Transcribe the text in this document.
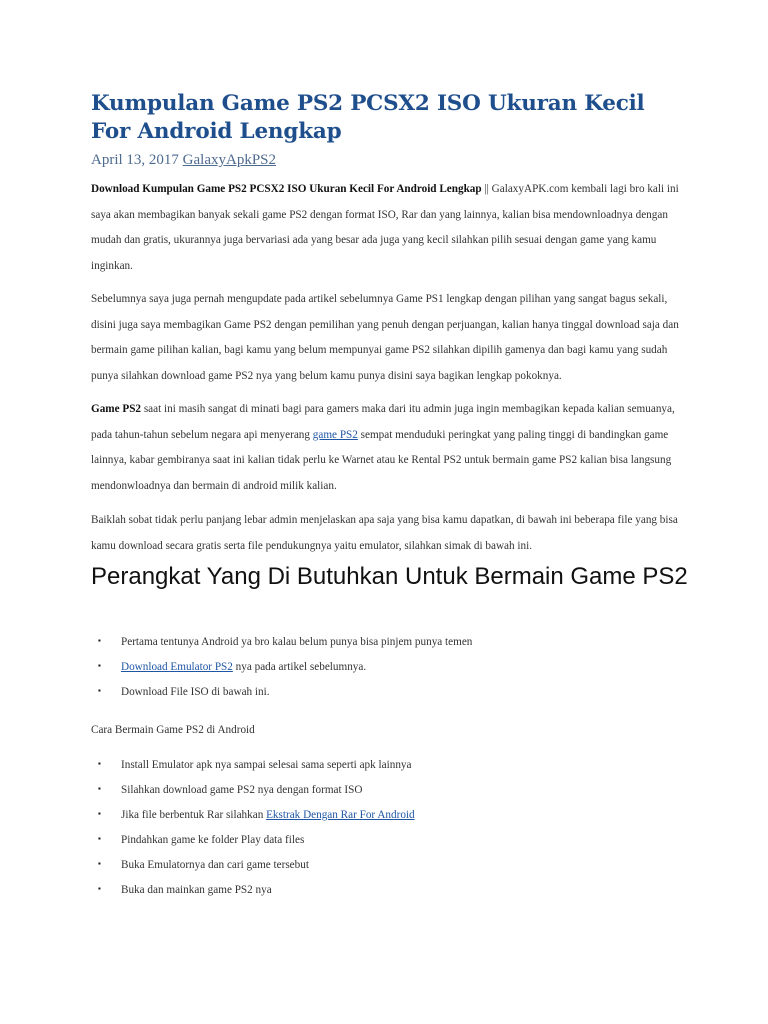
Kumpulan Game PS2 PCSX2 ISO Ukuran Kecil For Android Lengkap

April 13, 2017 GalaxyApkPS2

Download Kumpulan Game PS2 PCSX2 ISO Ukuran Kecil For Android Lengkap || GalaxyAPK.com kembali lagi bro kali ini saya akan membagikan banyak sekali game PS2 dengan format ISO, Rar dan yang lainnya, kalian bisa mendownloadnya dengan mudah dan gratis, ukurannya juga bervariasi ada yang besar ada juga yang kecil silahkan pilih sesuai dengan game yang kamu inginkan.

Sebelumnya saya juga pernah mengupdate pada artikel sebelumnya Game PS1 lengkap dengan pilihan yang sangat bagus sekali, disini juga saya membagikan Game PS2 dengan pemilihan yang penuh dengan perjuangan, kalian hanya tinggal download saja dan bermain game pilihan kalian, bagi kamu yang belum mempunyai game PS2 silahkan dipilih gamenya dan bagi kamu yang sudah punya silahkan download game PS2 nya yang belum kamu punya disini saya bagikan lengkap pokoknya.

Game PS2 saat ini masih sangat di minati bagi para gamers maka dari itu admin juga ingin membagikan kepada kalian semuanya, pada tahun-tahun sebelum negara api menyerang game PS2 sempat menduduki peringkat yang paling tinggi di bandingkan game lainnya, kabar gembiranya saat ini kalian tidak perlu ke Warnet atau ke Rental PS2 untuk bermain game PS2 kalian bisa langsung mendonwloadnya dan bermain di android milik kalian.

Baiklah sobat tidak perlu panjang lebar admin menjelaskan apa saja yang bisa kamu dapatkan, di bawah ini beberapa file yang bisa kamu download secara gratis serta file pendukungnya yaitu emulator, silahkan simak di bawah ini.

Perangkat Yang Di Butuhkan Untuk Bermain Game PS2
▪ Pertama tentunya Android ya bro kalau belum punya bisa pinjem punya temen
▪ Download Emulator PS2 nya pada artikel sebelumnya.
▪ Download File ISO di bawah ini.

Cara Bermain Game PS2 di Android

▪ Install Emulator apk nya sampai selesai sama seperti apk lainnya
▪ Silahkan download game PS2 nya dengan format ISO
▪ Jika file berbentuk Rar silahkan Ekstrak Dengan Rar For Android
▪ Pindahkan game ke folder Play data files
▪ Buka Emulatornya dan cari game tersebut
▪ Buka dan mainkan game PS2 nya
